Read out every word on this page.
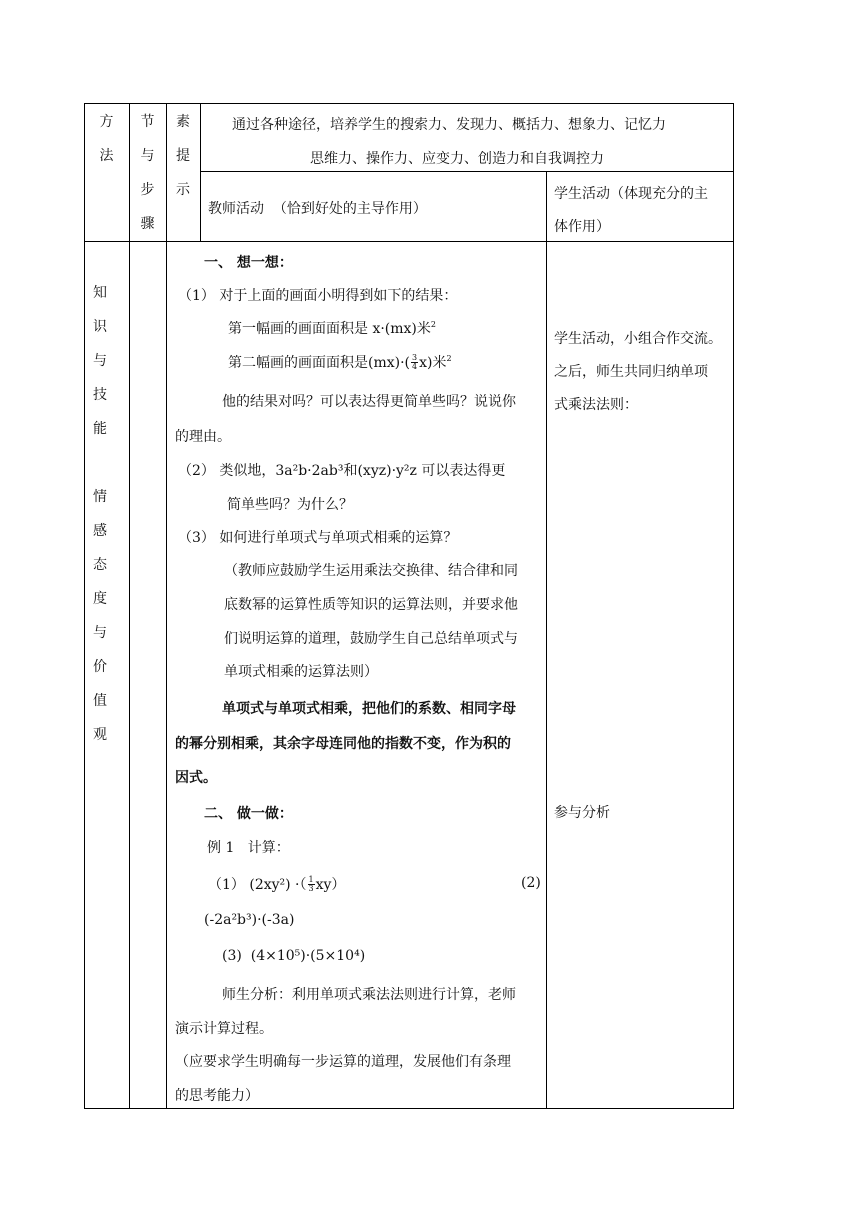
方
法
节
与
步
骤
素
提
示
通过各种途径，培养学生的搜索力、发现力、概括力、想象力、记忆力
思维力、操作力、应变力、创造力和自我调控力
教师活动  （恰到好处的主导作用）
学生活动（体现充分的主
体作用）
知
识
与
技
能
情
感
态
度
与
价
值
观
一、 想一想：
（1） 对于上面的画面小明得到如下的结果：
第一幅画的画面面积是 x·(mx)米$^2$
第二幅画的画面面积是$(mx)\cdot( \frac{3}{4} x)$米$^2$
他的结果对吗？可以表达得更简单些吗？说说你
的理由。
（2） 类似地，3a²b·2ab³和(xyz)·y²z 可以表达得更
简单些吗？为什么？
（3） 如何进行单项式与单项式相乘的运算？
（教师应鼓励学生运用乘法交换律、结合律和同
底数幂的运算性质等知识的运算法则，并要求他
们说明运算的道理，鼓励学生自己总结单项式与
单项式相乘的运算法则）
单项式与单项式相乘，把他们的系数、相同字母
的幂分别相乘，其余字母连同他的指数不变，作为积的
因式。
二、 做一做：
例 1   计算：
（1） (2xy²) ·（ $\frac{1}{3} xy$）	(2)
(-2a²b³)·(-3a)
(3)  (4×10⁵)·(5×10⁴)
师生分析：利用单项式乘法法则进行计算，老师
演示计算过程。
（应要求学生明确每一步运算的道理，发展他们有条理
的思考能力）
学生活动，小组合作交流。
之后，师生共同归纳单项
式乘法法则：
参与分析
